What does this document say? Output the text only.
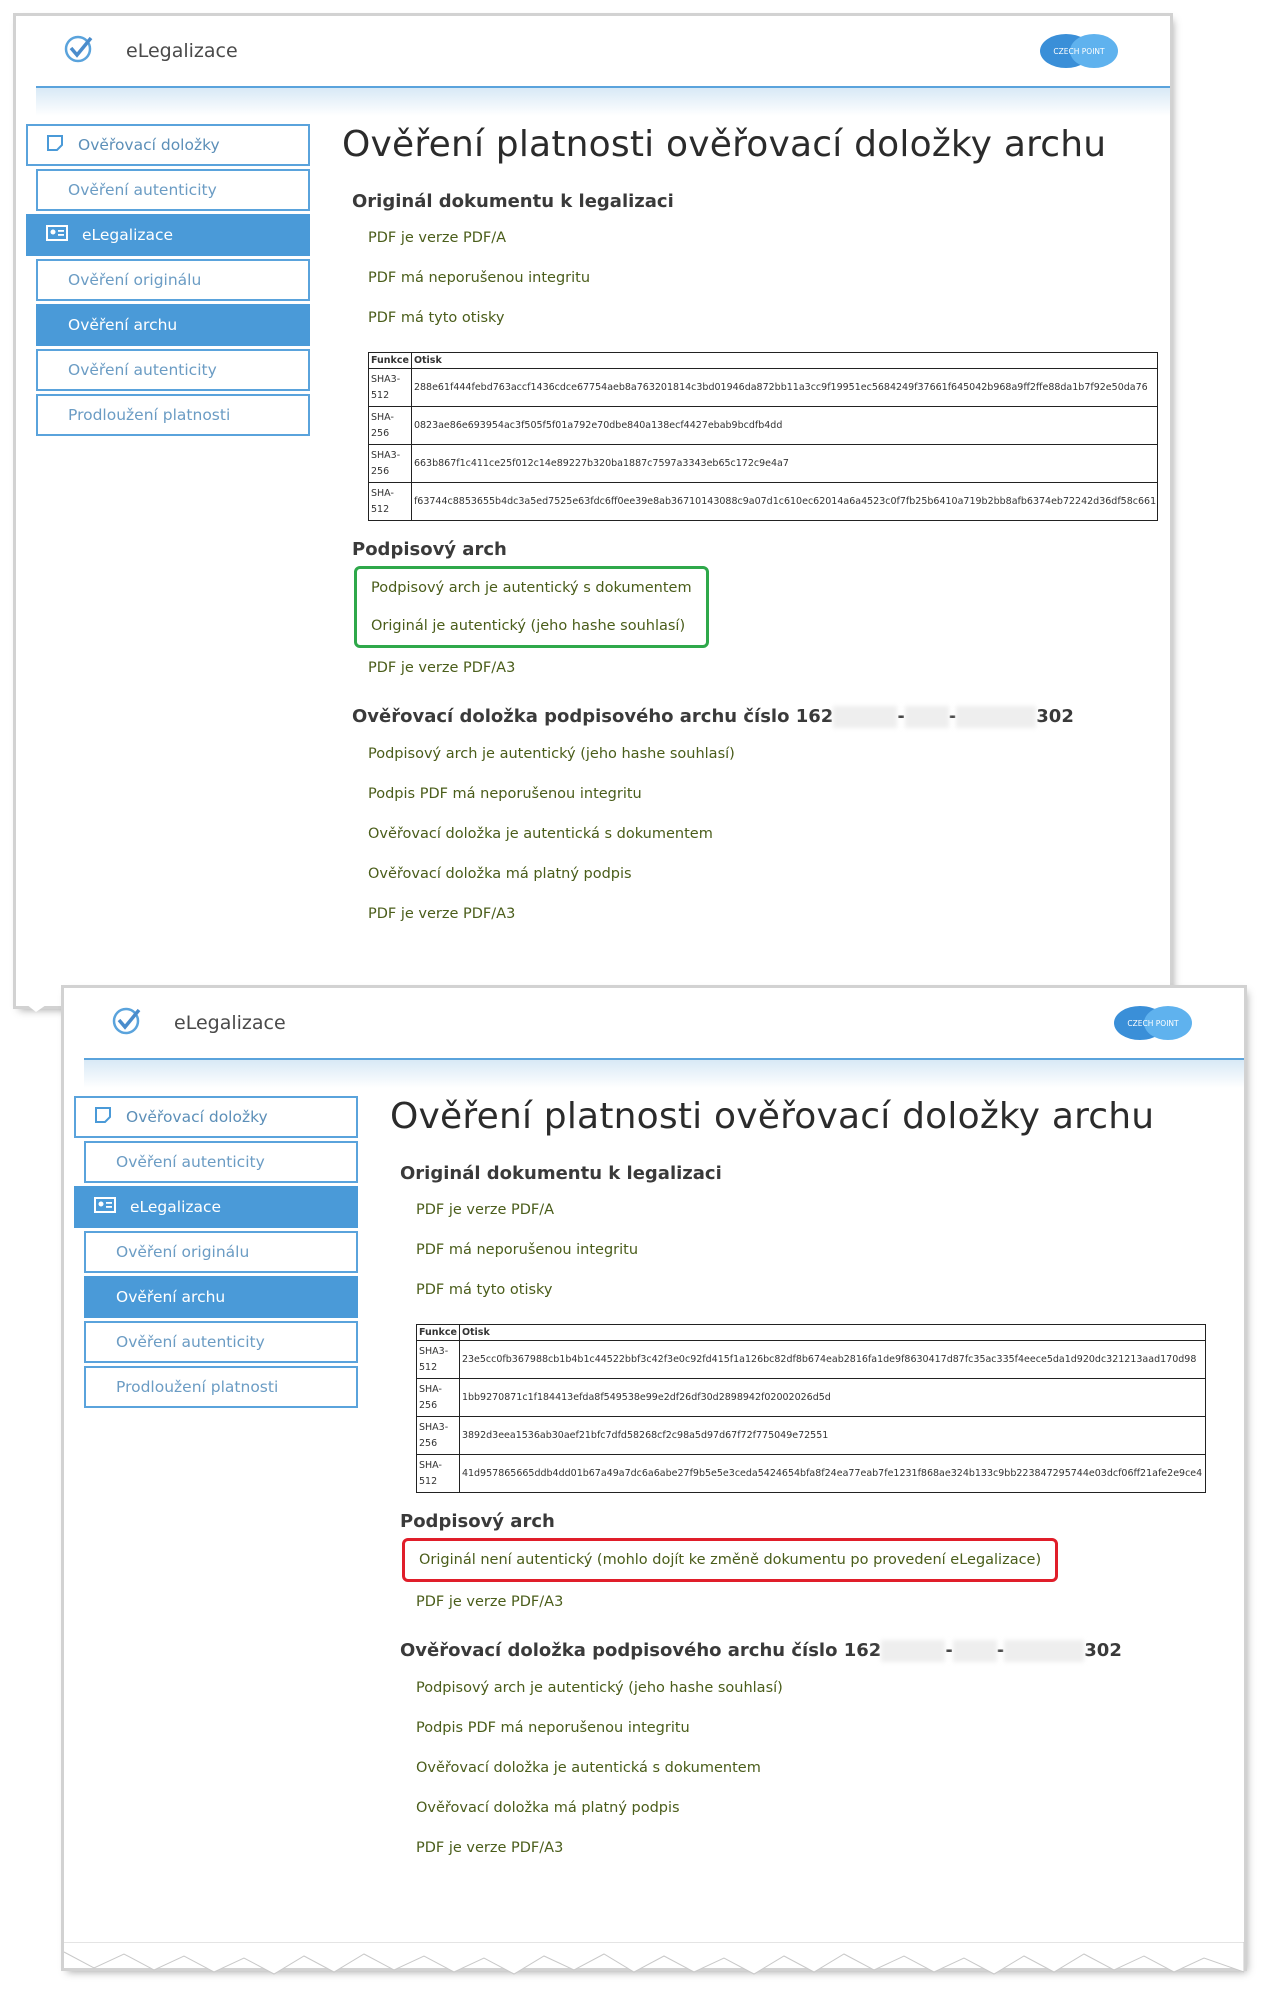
eLegalizace	CZECH POINT
Ověřovací doložky
Ověření autenticity
eLegalizace
Ověření originálu
Ověření archu
Ověření autenticity
Prodloužení platnosti
Ověření platnosti ověřovací doložky archu
Originál dokumentu k legalizaci
PDF je verze PDF/A
PDF má neporušenou integritu
PDF má tyto otisky
Funkce	Otisk
SHA3-512	288e61f444febd763accf1436cdce67754aeb8a763201814c3bd01946da872bb11a3cc9f19951ec5684249f37661f645042b968a9ff2ffe88da1b7f92e50da76
SHA-256	0823ae86e693954ac3f505f5f01a792e70dbe840a138ecf4427ebab9bcdfb4dd
SHA3-256	663b867f1c411ce25f012c14e89227b320ba1887c7597a3343eb65c172c9e4a7
SHA-512	f63744c8853655b4dc3a5ed7525e63fdc6ff0ee39e8ab36710143088c9a07d1c610ec62014a6a4523c0f7fb25b6410a719b2bb8afb6374eb72242d36df58c661
Podpisový arch
Podpisový arch je autentický s dokumentem
Originál je autentický (jeho hashe souhlasí)
PDF je verze PDF/A3
Ověřovací doložka podpisového archu číslo 162	- -	302
Podpisový arch je autentický (jeho hashe souhlasí)
Podpis PDF má neporušenou integritu
Ověřovací doložka je autentická s dokumentem
Ověřovací doložka má platný podpis
PDF je verze PDF/A3
eLegalizace	CZECH POINT
Ověřovací doložky
Ověření autenticity
eLegalizace
Ověření originálu
Ověření archu
Ověření autenticity
Prodloužení platnosti
Ověření platnosti ověřovací doložky archu
Originál dokumentu k legalizaci
PDF je verze PDF/A
PDF má neporušenou integritu
PDF má tyto otisky
Funkce	Otisk
SHA3-512	23e5cc0fb367988cb1b4b1c44522bbf3c42f3e0c92fd415f1a126bc82df8b674eab2816fa1de9f8630417d87fc35ac335f4eece5da1d920dc321213aad170d98
SHA-256	1bb9270871c1f184413efda8f549538e99e2df26df30d2898942f02002026d5d
SHA3-256	3892d3eea1536ab30aef21bfc7dfd58268cf2c98a5d97d67f72f775049e72551
SHA-512	41d957865665ddb4dd01b67a49a7dc6a6abe27f9b5e5e3ceda5424654bfa8f24ea77eab7fe1231f868ae324b133c9bb223847295744e03dcf06ff21afe2e9ce4
Podpisový arch
Originál není autentický (mohlo dojít ke změně dokumentu po provedení eLegalizace)
PDF je verze PDF/A3
Ověřovací doložka podpisového archu číslo 162	- -	302
Podpisový arch je autentický (jeho hashe souhlasí)
Podpis PDF má neporušenou integritu
Ověřovací doložka je autentická s dokumentem
Ověřovací doložka má platný podpis
PDF je verze PDF/A3
